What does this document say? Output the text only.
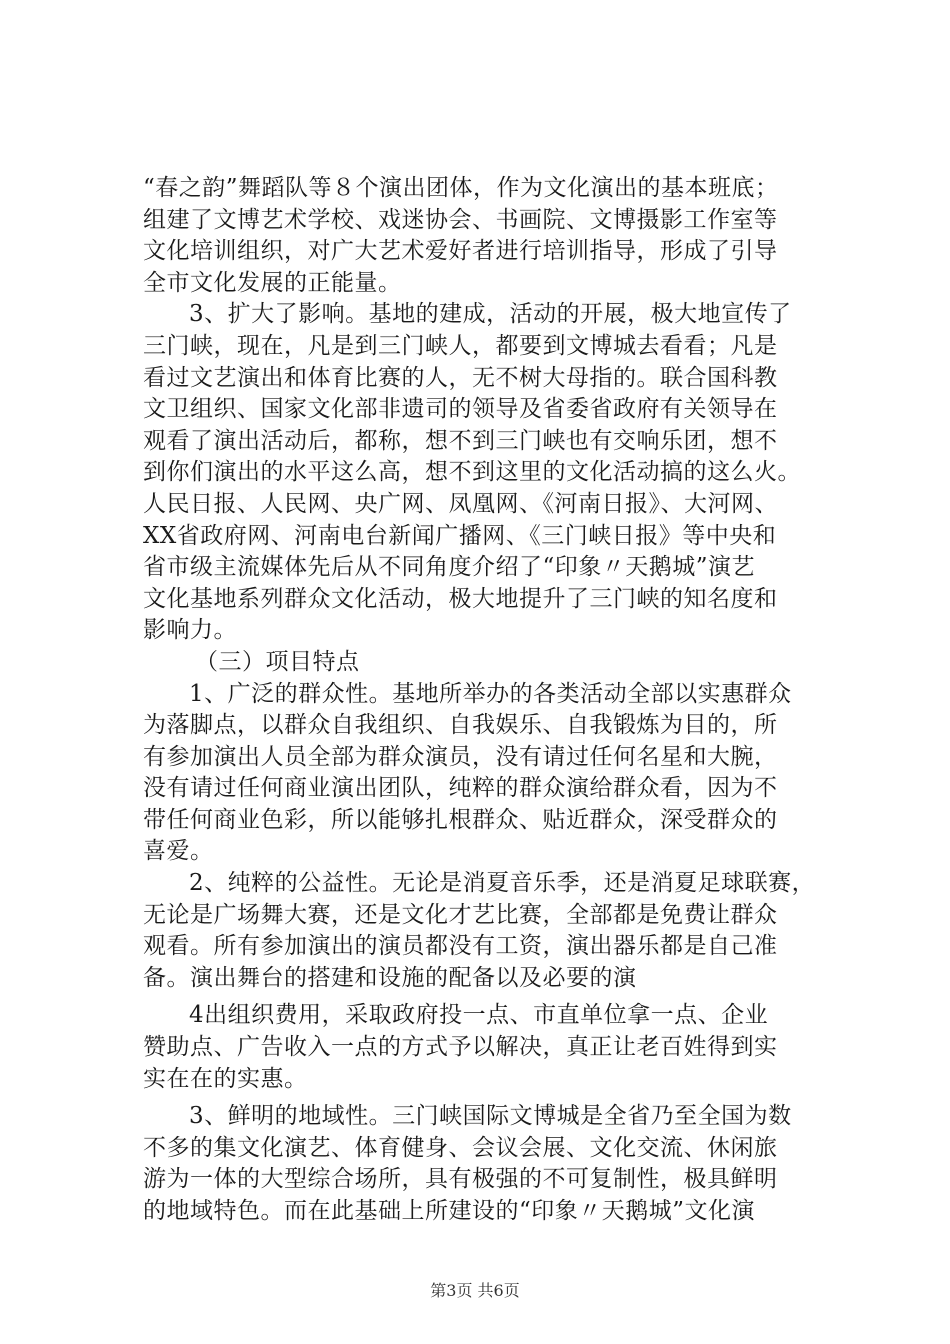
“春之韵”舞蹈队等８个演出团体，作为文化演出的基本班底；
组建了文博艺术学校、戏迷协会、书画院、文博摄影工作室等
文化培训组织，对广大艺术爱好者进行培训指导，形成了引导
全市文化发展的正能量。
3、扩大了影响。基地的建成，活动的开展，极大地宣传了
三门峡，现在，凡是到三门峡人，都要到文博城去看看；凡是
看过文艺演出和体育比赛的人，无不树大母指的。联合国科教
文卫组织、国家文化部非遗司的领导及省委省政府有关领导在
观看了演出活动后，都称，想不到三门峡也有交响乐团，想不
到你们演出的水平这么高，想不到这里的文化活动搞的这么火。
人民日报、人民网、央广网、凤凰网、《河南日报》、大河网、
XX省政府网、河南电台新闻广播网、《三门峡日报》等中央和
省市级主流媒体先后从不同角度介绍了“印象〃天鹅城”演艺
文化基地系列群众文化活动，极大地提升了三门峡的知名度和
影响力。
（三）项目特点
1、广泛的群众性。基地所举办的各类活动全部以实惠群众
为落脚点，以群众自我组织、自我娱乐、自我锻炼为目的，所
有参加演出人员全部为群众演员，没有请过任何名星和大腕，
没有请过任何商业演出团队，纯粹的群众演给群众看，因为不
带任何商业色彩，所以能够扎根群众、贴近群众，深受群众的
喜爱。
2、纯粹的公益性。无论是消夏音乐季，还是消夏足球联赛，
无论是广场舞大赛，还是文化才艺比赛，全部都是免费让群众
观看。所有参加演出的演员都没有工资，演出器乐都是自己准
备。演出舞台的搭建和设施的配备以及必要的演
4出组织费用，采取政府投一点、市直单位拿一点、企业
赞助点、广告收入一点的方式予以解决，真正让老百姓得到实
实在在的实惠。
3、鲜明的地域性。三门峡国际文博城是全省乃至全国为数
不多的集文化演艺、体育健身、会议会展、文化交流、休闲旅
游为一体的大型综合场所，具有极强的不可复制性，极具鲜明
的地域特色。而在此基础上所建设的“印象〃天鹅城”文化演
第3页 共6页
